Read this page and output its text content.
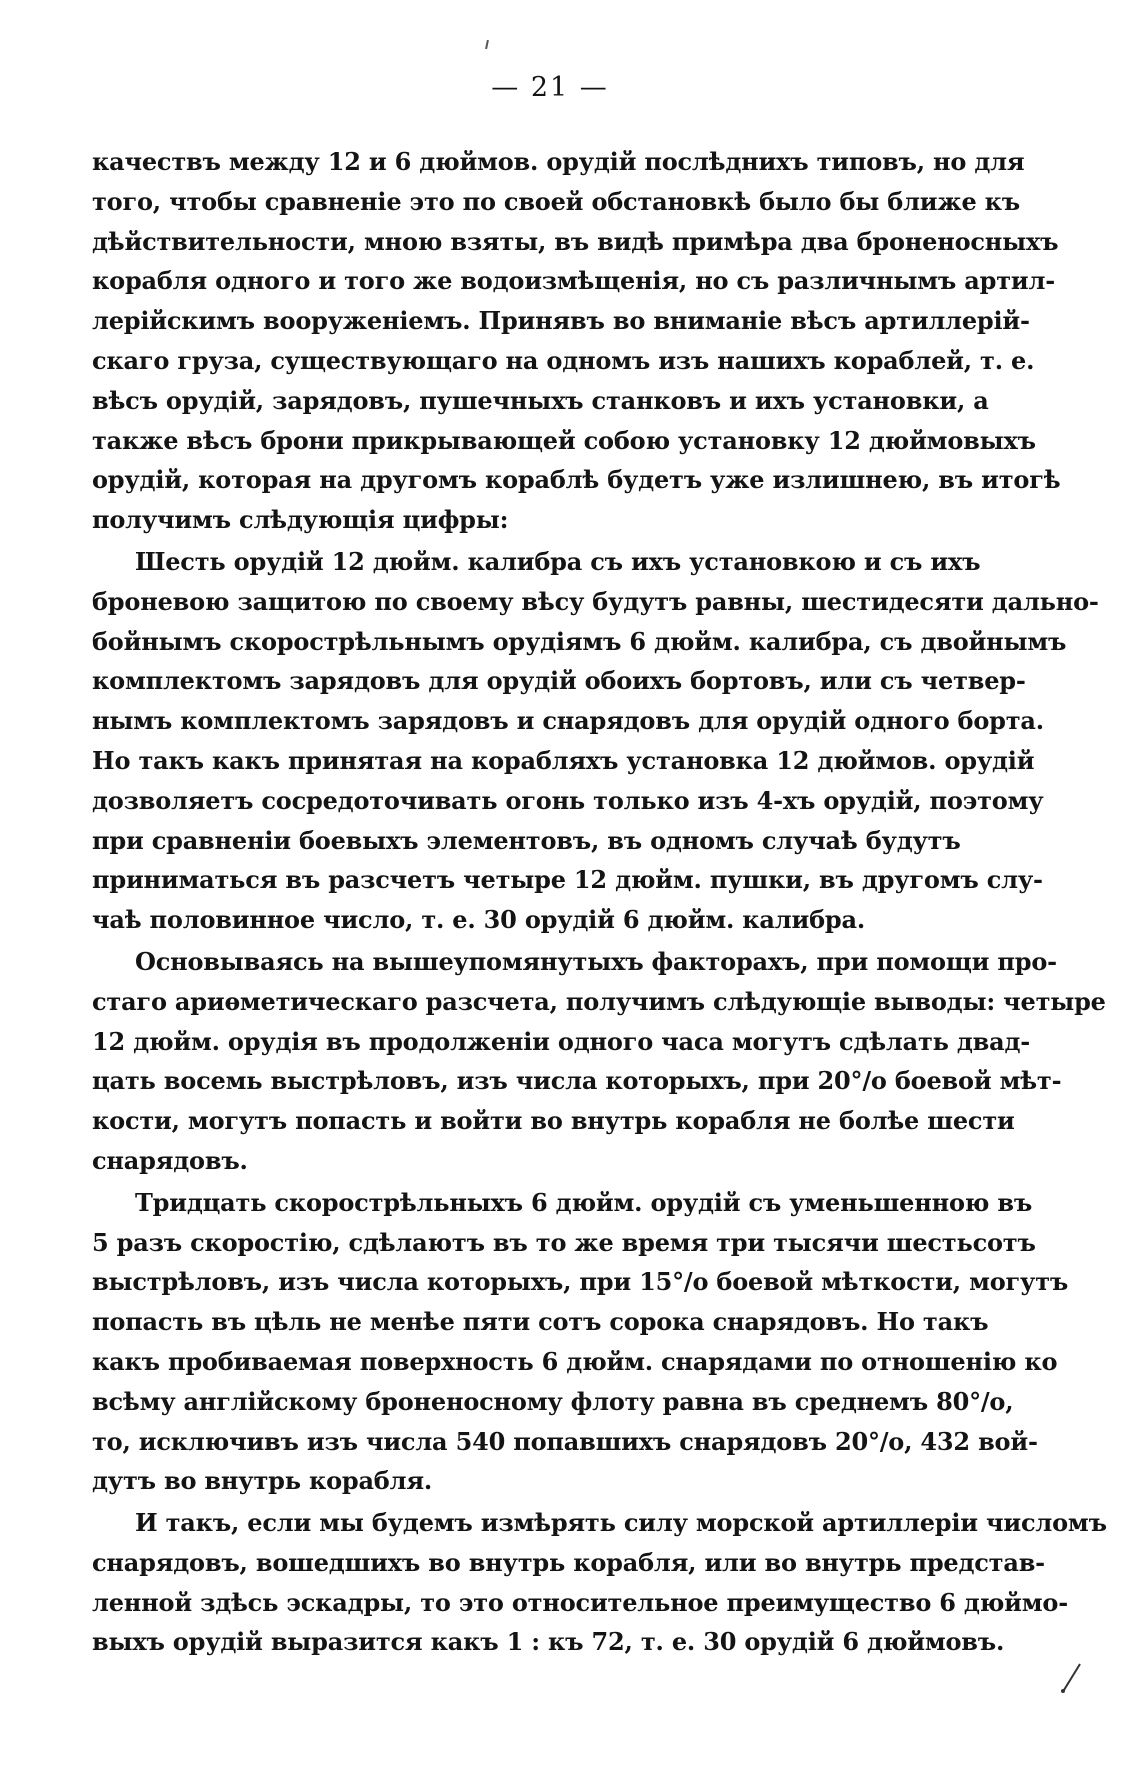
— 21 —
качествъ между 12 и 6 дюймов. орудій послѣднихъ типовъ, но для
того, чтобы сравненіе это по своей обстановкѣ было бы ближе къ
дѣйствительности, мною взяты, въ видѣ примѣра два броненосныхъ
корабля одного и того же водоизмѣщенія, но съ различнымъ артил-
лерійскимъ вооруженіемъ. Принявъ во вниманіе вѣсъ артиллерій-
скаго груза, существующаго на одномъ изъ нашихъ кораблей, т. е.
вѣсъ орудій, зарядовъ, пушечныхъ станковъ и ихъ установки, а
также вѣсъ брони прикрывающей собою установку 12 дюймовыхъ
орудій, которая на другомъ кораблѣ будетъ уже излишнею, въ итогѣ
получимъ слѣдующія цифры:
Шесть орудій 12 дюйм. калибра съ ихъ установкою и съ ихъ
броневою защитою по своему вѣсу будутъ равны, шестидесяти дально-
бойнымъ скорострѣльнымъ орудіямъ 6 дюйм. калибра, съ двойнымъ
комплектомъ зарядовъ для орудій обоихъ бортовъ, или съ четвер-
нымъ комплектомъ зарядовъ и снарядовъ для орудій одного борта.
Но такъ какъ принятая на корабляхъ установка 12 дюймов. орудій
дозволяетъ сосредоточивать огонь только изъ 4-хъ орудій, поэтому
при сравненіи боевыхъ элементовъ, въ одномъ случаѣ будутъ
приниматься въ разсчетъ четыре 12 дюйм. пушки, въ другомъ слу-
чаѣ половинное число, т. е. 30 орудій 6 дюйм. калибра.
Основываясь на вышеупомянутыхъ факторахъ, при помощи про-
стаго ариѳметическаго разсчета, получимъ слѣдующіе выводы: четыре
12 дюйм. орудія въ продолженіи одного часа могутъ сдѣлать двад-
цать восемь выстрѣловъ, изъ числа которыхъ, при 20°/o боевой мѣт-
кости, могутъ попасть и войти во внутрь корабля не болѣе шести
снарядовъ.
Тридцать скорострѣльныхъ 6 дюйм. орудій съ уменьшенною въ
5 разъ скоростію, сдѣлаютъ въ то же время три тысячи шестьсотъ
выстрѣловъ, изъ числа которыхъ, при 15°/o боевой мѣткости, могутъ
попасть въ цѣль не менѣе пяти сотъ сорока снарядовъ. Но такъ
какъ пробиваемая поверхность 6 дюйм. снарядами по отношенію ко
всѣму англійскому броненосному флоту равна въ среднемъ 80°/o,
то, исключивъ изъ числа 540 попавшихъ снарядовъ 20°/o, 432 вой-
дутъ во внутрь корабля.
И такъ, если мы будемъ измѣрять силу морской артиллеріи числомъ
снарядовъ, вошедшихъ во внутрь корабля, или во внутрь представ-
ленной здѣсь эскадры, то это относительное преимущество 6 дюймо-
выхъ орудій выразится какъ 1 : къ 72, т. е. 30 орудій 6 дюймовъ.
